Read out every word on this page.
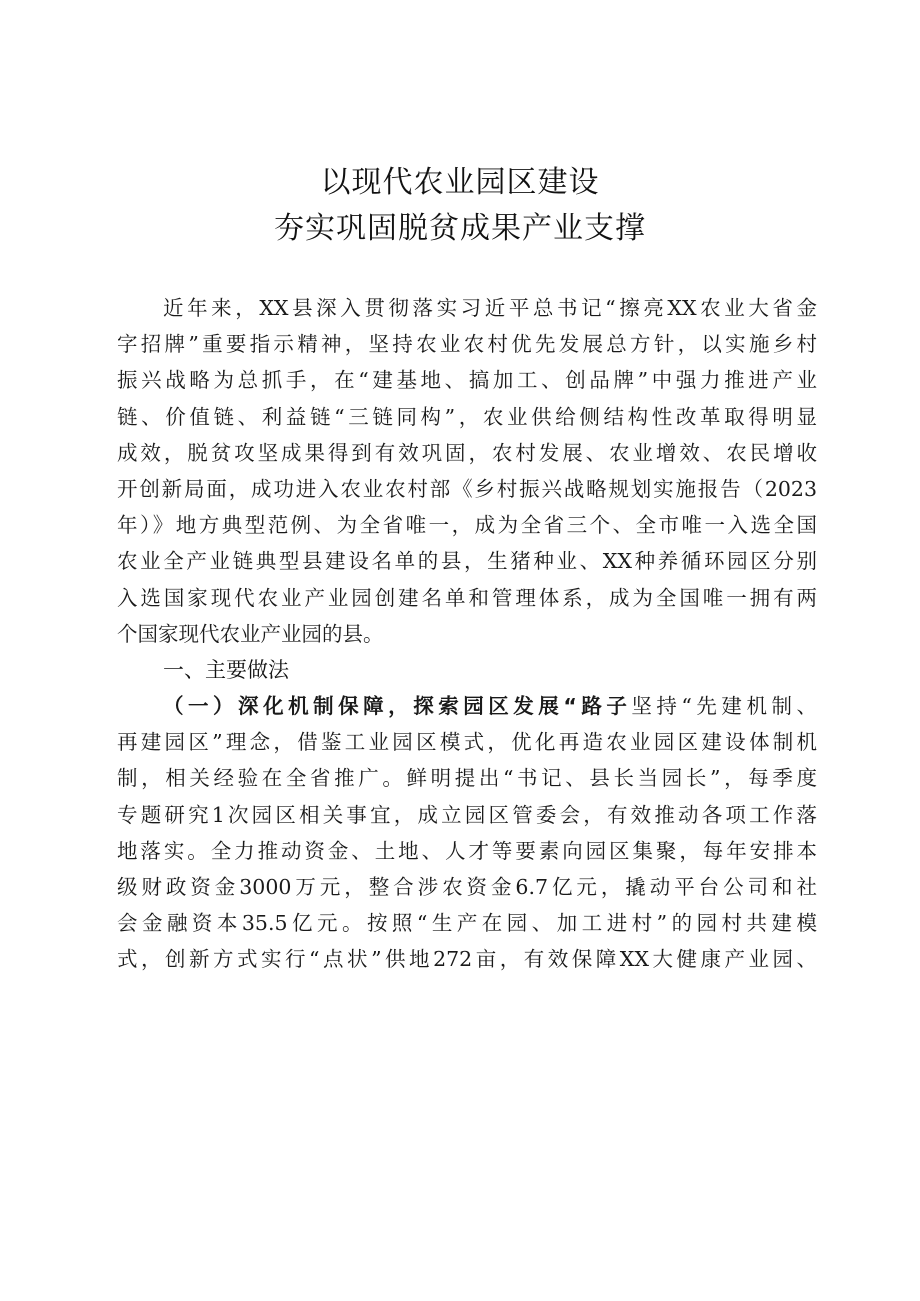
以现代农业园区建设
夯实巩固脱贫成果产业支撑
近年来，XX县深入贯彻落实习近平总书记“擦亮XX农业大省金
字招牌”重要指示精神，坚持农业农村优先发展总方针，以实施乡村
振兴战略为总抓手，在“建基地、搞加工、创品牌”中强力推进产业
链、价值链、利益链“三链同构”，农业供给侧结构性改革取得明显
成效，脱贫攻坚成果得到有效巩固，农村发展、农业增效、农民增收
开创新局面，成功进入农业农村部《乡村振兴战略规划实施报告（2023
年）》地方典型范例、为全省唯一，成为全省三个、全市唯一入选全国
农业全产业链典型县建设名单的县，生猪种业、XX种养循环园区分别
入选国家现代农业产业园创建名单和管理体系，成为全国唯一拥有两
个国家现代农业产业园的县。
一、主要做法
（一）深化机制保障，探索园区发展“路子坚持“先建机制、
再建园区”理念，借鉴工业园区模式，优化再造农业园区建设体制机
制，相关经验在全省推广。鲜明提出“书记、县长当园长”，每季度
专题研究1次园区相关事宜，成立园区管委会，有效推动各项工作落
地落实。全力推动资金、土地、人才等要素向园区集聚，每年安排本
级财政资金3000万元，整合涉农资金6.7亿元，撬动平台公司和社
会金融资本35.5亿元。按照“生产在园、加工进村”的园村共建模
式，创新方式实行“点状”供地272亩，有效保障XX大健康产业园、
